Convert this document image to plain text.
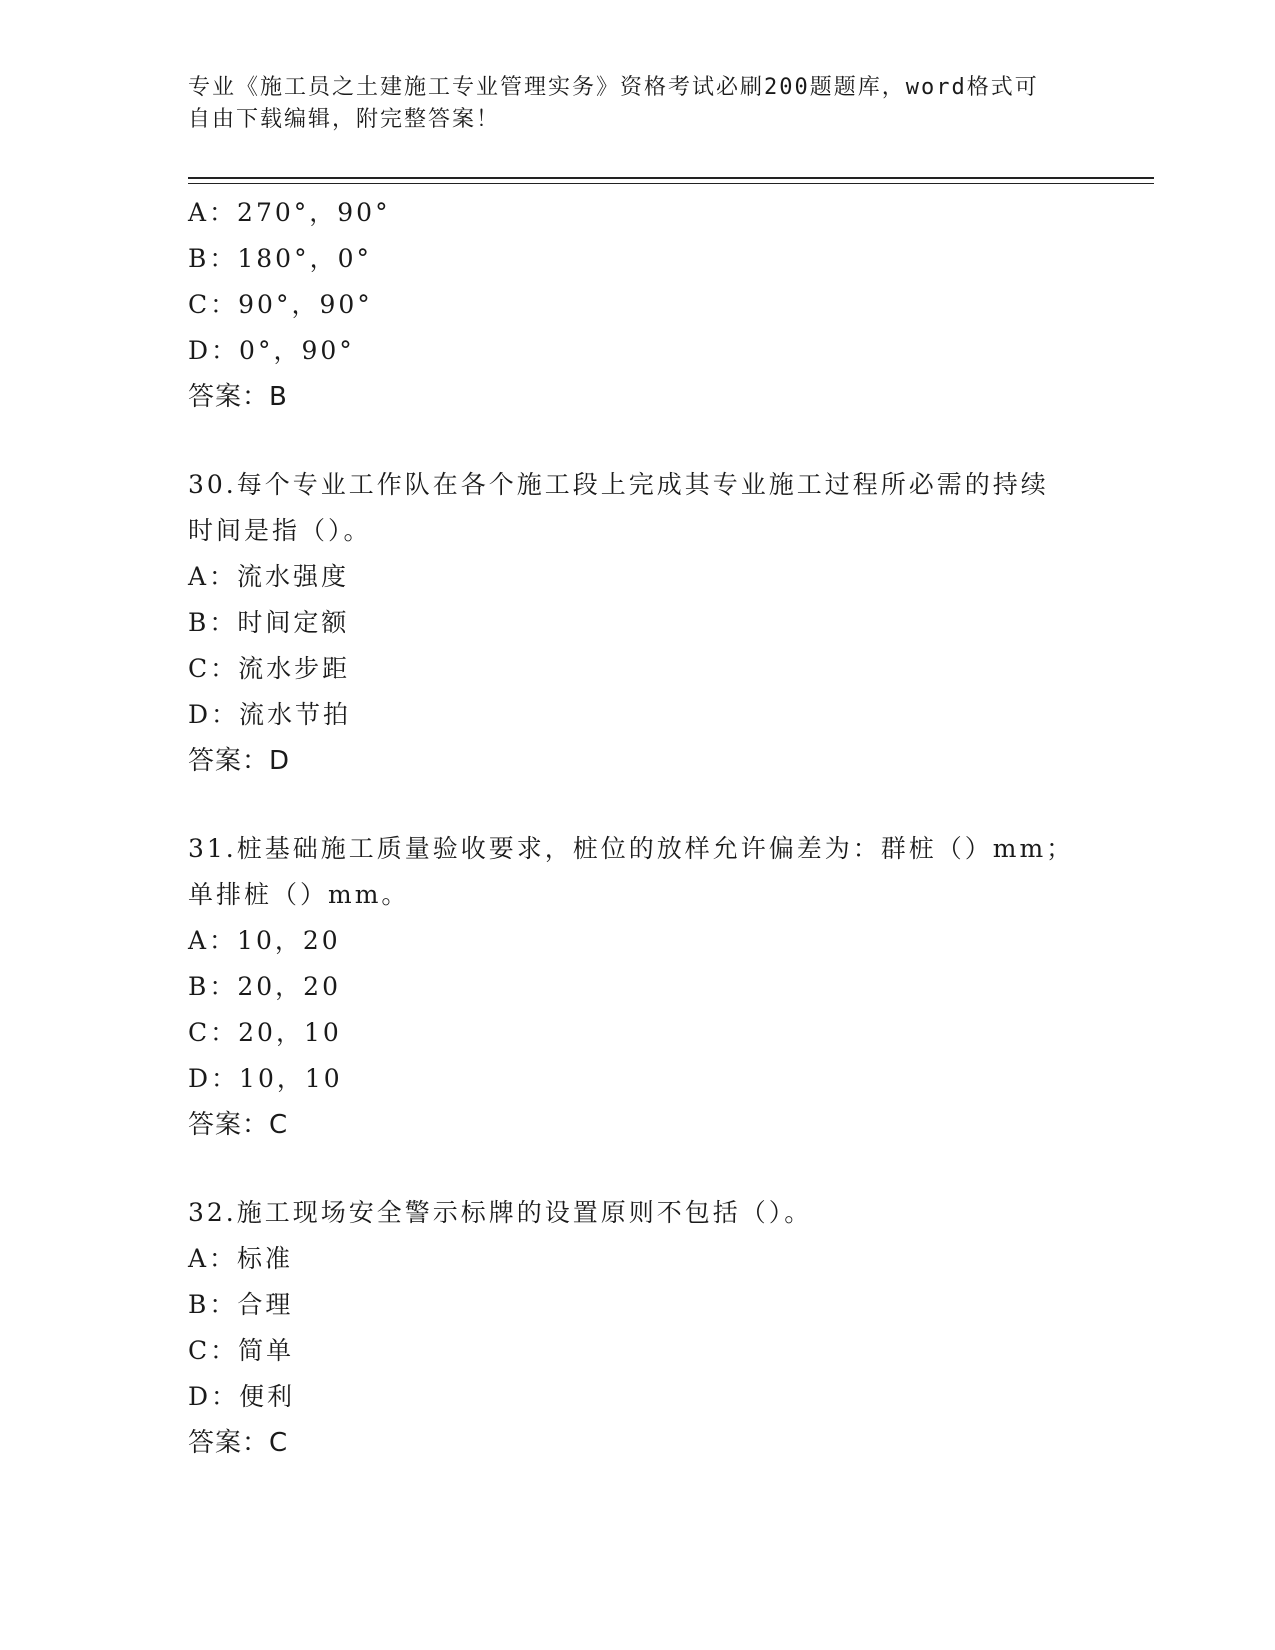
专业《施工员之土建施工专业管理实务》资格考试必刷200题题库，word格式可
自由下载编辑，附完整答案！
A：270°，90°
B：180°，0°
C：90°，90°
D：0°，90°
答案：B
30.每个专业工作队在各个施工段上完成其专业施工过程所必需的持续
时间是指（）。
A：流水强度
B：时间定额
C：流水步距
D：流水节拍
答案：D
31.桩基础施工质量验收要求，桩位的放样允许偏差为：群桩（）mm；
单排桩（）mm。
A：10，20
B：20，20
C：20，10
D：10，10
答案：C
32.施工现场安全警示标牌的设置原则不包括（）。
A：标准
B：合理
C：简单
D：便利
答案：C
